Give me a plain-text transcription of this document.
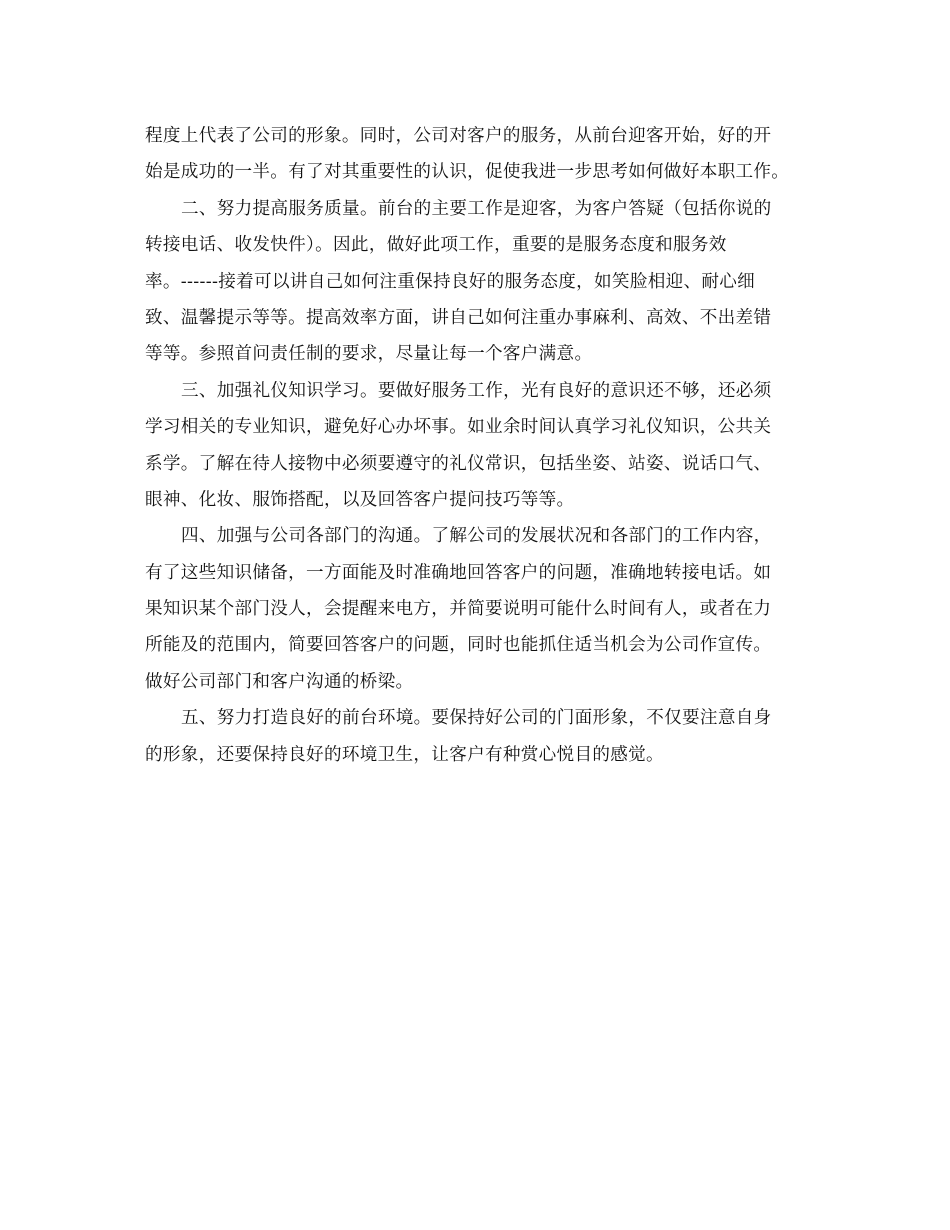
程度上代表了公司的形象。同时，公司对客户的服务，从前台迎客开始，好的开
始是成功的一半。有了对其重要性的认识，促使我进一步思考如何做好本职工作。
二、努力提高服务质量。前台的主要工作是迎客，为客户答疑（包括你说的
转接电话、收发快件）。因此，做好此项工作，重要的是服务态度和服务效
率。------接着可以讲自己如何注重保持良好的服务态度，如笑脸相迎、耐心细
致、温馨提示等等。提高效率方面，讲自己如何注重办事麻利、高效、不出差错
等等。参照首问责任制的要求，尽量让每一个客户满意。
三、加强礼仪知识学习。要做好服务工作，光有良好的意识还不够，还必须
学习相关的专业知识，避免好心办坏事。如业余时间认真学习礼仪知识，公共关
系学。了解在待人接物中必须要遵守的礼仪常识，包括坐姿、站姿、说话口气、
眼神、化妆、服饰搭配，以及回答客户提问技巧等等。
四、加强与公司各部门的沟通。了解公司的发展状况和各部门的工作内容，
有了这些知识储备，一方面能及时准确地回答客户的问题，准确地转接电话。如
果知识某个部门没人，会提醒来电方，并简要说明可能什么时间有人，或者在力
所能及的范围内，简要回答客户的问题，同时也能抓住适当机会为公司作宣传。
做好公司部门和客户沟通的桥梁。
五、努力打造良好的前台环境。要保持好公司的门面形象，不仅要注意自身
的形象，还要保持良好的环境卫生，让客户有种赏心悦目的感觉。
